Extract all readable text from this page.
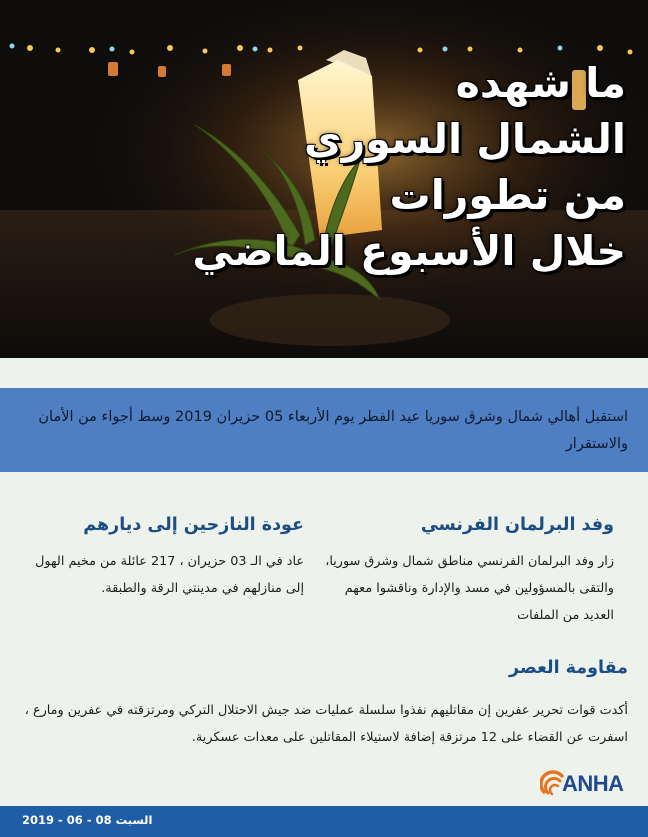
ما شهده
الشمال السوري
من تطورات
خلال الأسبوع الماضي

استقبل أهالي شمال وشرق سوريا عيد الفطر يوم الأربعاء 05 حزيران 2019 وسط أجواء من الأمان والاستقرار

وفد البرلمان الفرنسي

زار وفد البرلمان الفرنسي مناطق شمال وشرق سوريا، والتقى بالمسؤولين في مسد والإدارة وناقشوا معهم العديد من الملفات

عودة النازحين إلى ديارهم

عاد في الـ 03 حزيران ، 217 عائلة من مخيم الهول إلى منازلهم في مدينتي الرقة والطبقة.

مقاومة العصر

أكدت قوات تحرير عفرين إن مقاتليهم نفذوا سلسلة عمليات ضد جيش الاحتلال التركي ومرتزقته في عفرين ومارع ، اسفرت عن القضاء على 12 مرتزقة إضافة لاستيلاء المقاتلين على معدات عسكرية.

ANHA
السبت 08 - 06 - 2019
